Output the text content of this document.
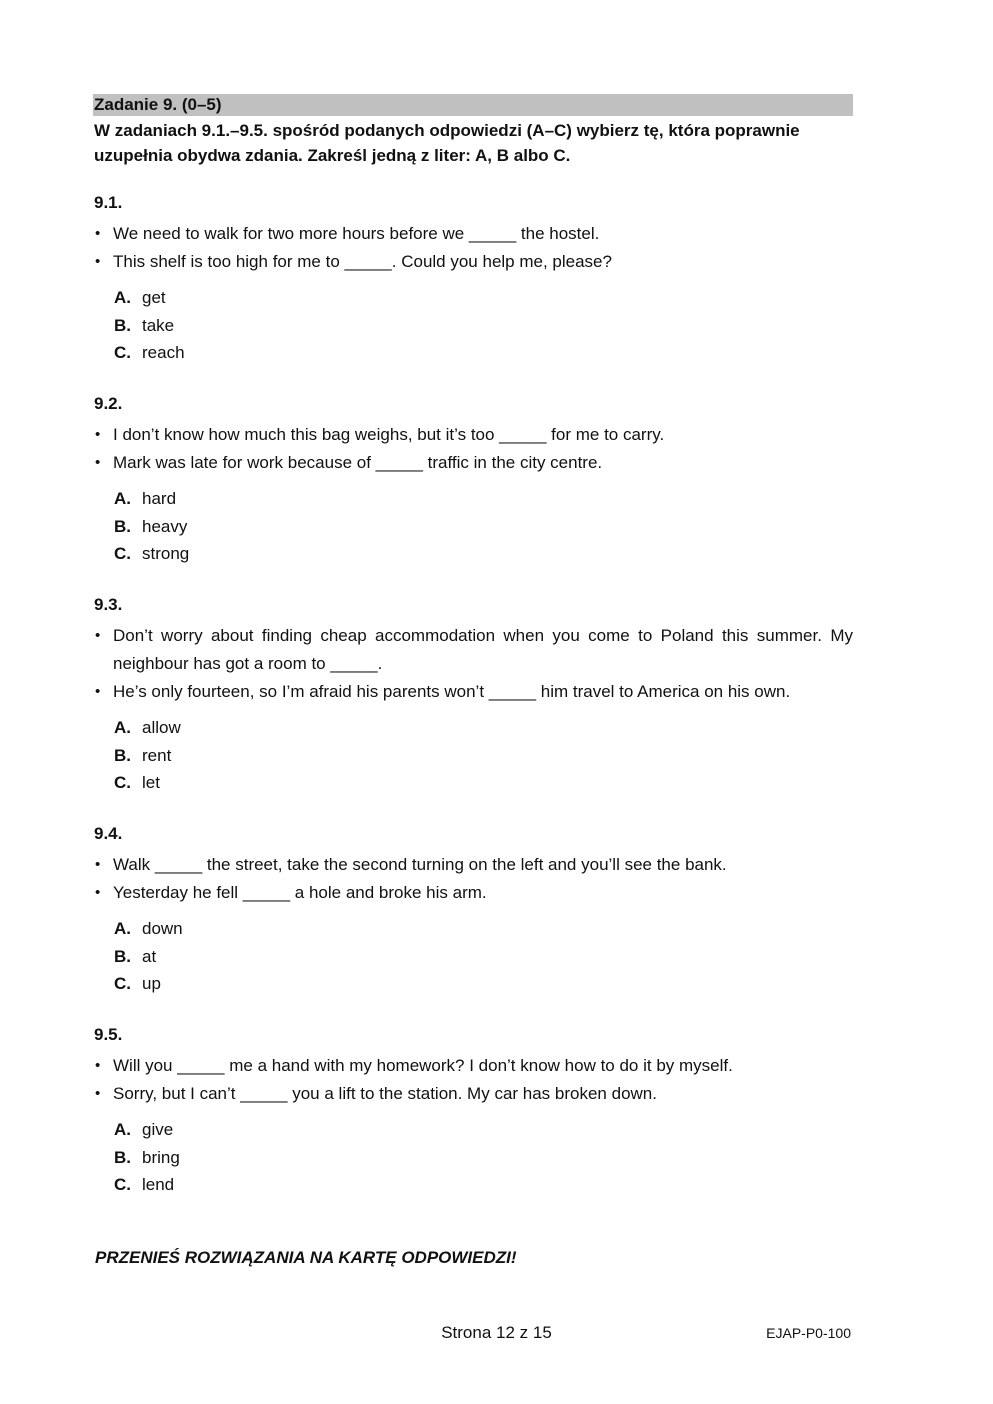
Zadanie 9. (0–5)
W zadaniach 9.1.–9.5. spośród podanych odpowiedzi (A–C) wybierz tę, która poprawnie uzupełnia obydwa zdania. Zakreśl jedną z liter: A, B albo C.
9.1.
• We need to walk for two more hours before we _____ the hostel.
• This shelf is too high for me to _____. Could you help me, please?
A. get
B. take
C. reach
9.2.
• I don’t know how much this bag weighs, but it’s too _____ for me to carry.
• Mark was late for work because of _____ traffic in the city centre.
A. hard
B. heavy
C. strong
9.3.
• Don’t worry about finding cheap accommodation when you come to Poland this summer. My neighbour has got a room to _____.
• He’s only fourteen, so I’m afraid his parents won’t _____ him travel to America on his own.
A. allow
B. rent
C. let
9.4.
• Walk _____ the street, take the second turning on the left and you’ll see the bank.
• Yesterday he fell _____ a hole and broke his arm.
A. down
B. at
C. up
9.5.
• Will you _____ me a hand with my homework? I don’t know how to do it by myself.
• Sorry, but I can’t _____ you a lift to the station. My car has broken down.
A. give
B. bring
C. lend
PRZENIEŚ ROZWIĄZANIA NA KARTĘ ODPOWIEDZI!
Strona 12 z 15	EJAP-P0-100
